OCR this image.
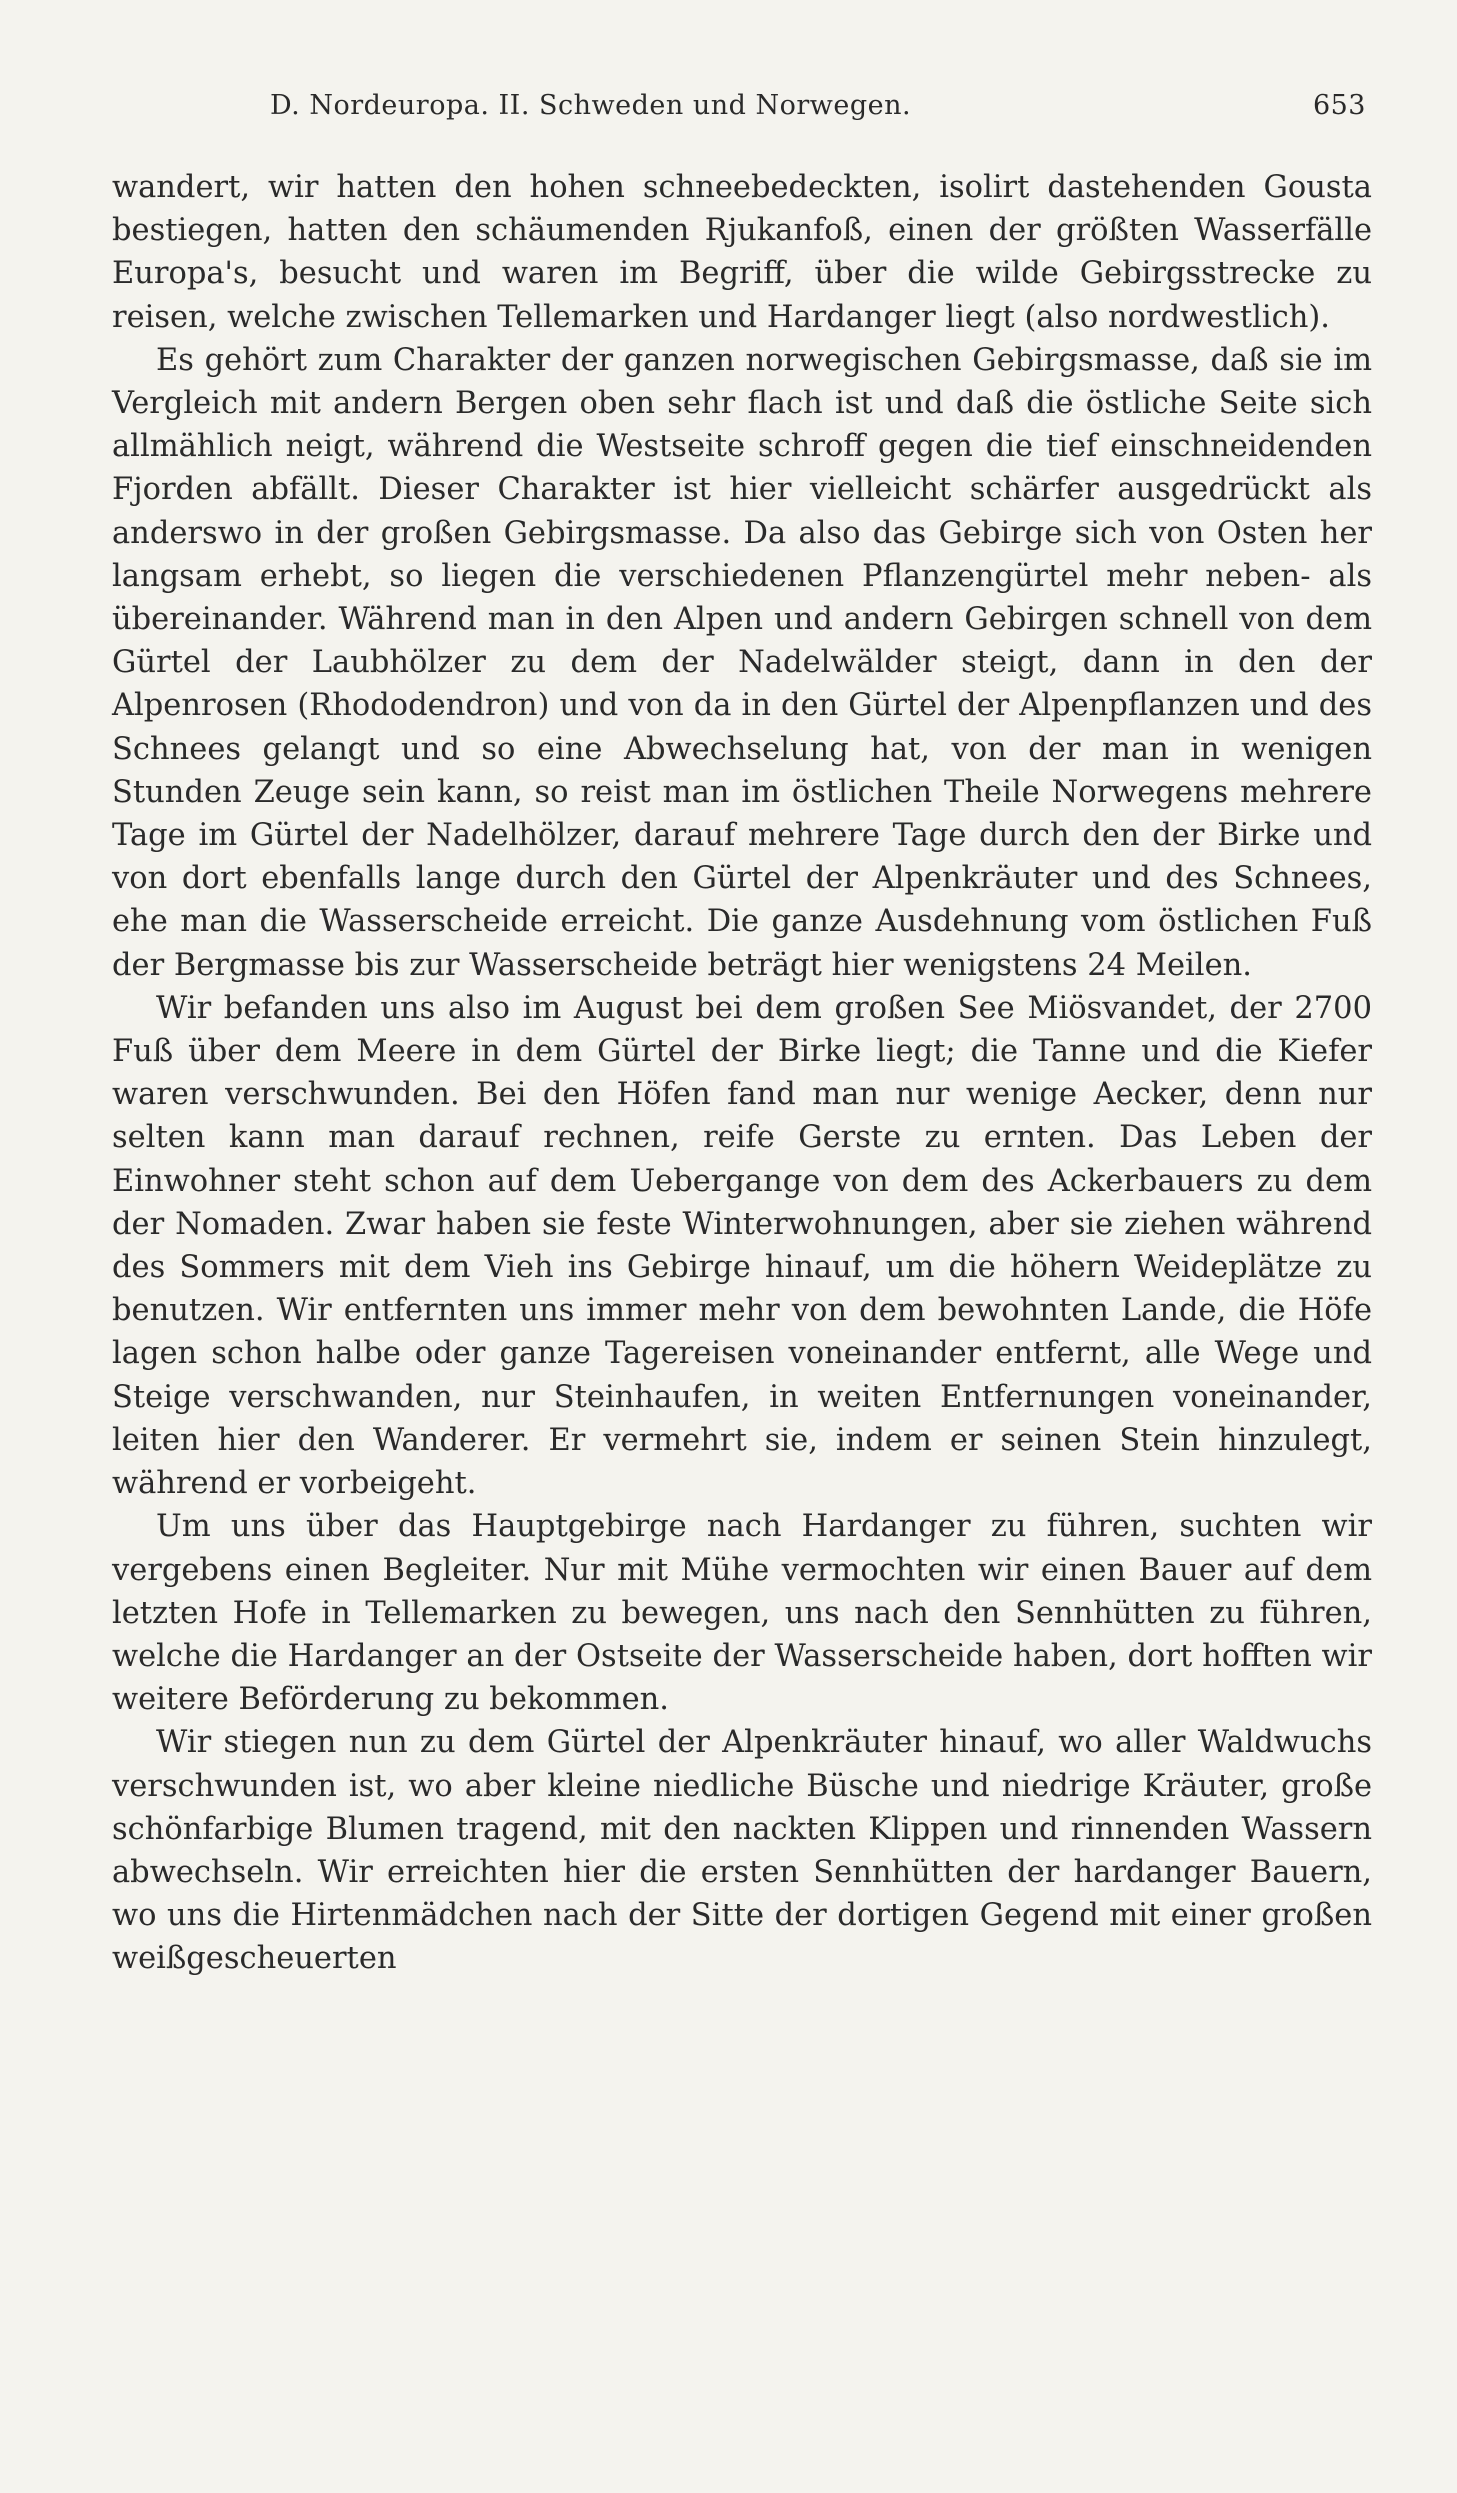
D. Nordeuropa. II. Schweden und Norwegen.	653

wandert, wir hatten den hohen schneebedeckten, isolirt dastehenden Gousta bestiegen, hatten den schäumenden Rjukanfoß, einen der größten Wasserfälle Europa's, besucht und waren im Begriff, über die wilde Gebirgsstrecke zu reisen, welche zwischen Tellemarken und Hardanger liegt (also nordwestlich).

Es gehört zum Charakter der ganzen norwegischen Gebirgsmasse, daß sie im Vergleich mit andern Bergen oben sehr flach ist und daß die östliche Seite sich allmählich neigt, während die Westseite schroff gegen die tief einschneidenden Fjorden abfällt. Dieser Charakter ist hier vielleicht schärfer ausgedrückt als anderswo in der großen Gebirgsmasse. Da also das Gebirge sich von Osten her langsam erhebt, so liegen die verschiedenen Pflanzengürtel mehr neben- als übereinander. Während man in den Alpen und andern Gebirgen schnell von dem Gürtel der Laubhölzer zu dem der Nadelwälder steigt, dann in den der Alpenrosen (Rhododendron) und von da in den Gürtel der Alpenpflanzen und des Schnees gelangt und so eine Abwechselung hat, von der man in wenigen Stunden Zeuge sein kann, so reist man im östlichen Theile Norwegens mehrere Tage im Gürtel der Nadelhölzer, darauf mehrere Tage durch den der Birke und von dort ebenfalls lange durch den Gürtel der Alpenkräuter und des Schnees, ehe man die Wasserscheide erreicht. Die ganze Ausdehnung vom östlichen Fuß der Bergmasse bis zur Wasserscheide beträgt hier wenigstens 24 Meilen.

Wir befanden uns also im August bei dem großen See Miösvandet, der 2700 Fuß über dem Meere in dem Gürtel der Birke liegt; die Tanne und die Kiefer waren verschwunden. Bei den Höfen fand man nur wenige Aecker, denn nur selten kann man darauf rechnen, reife Gerste zu ernten. Das Leben der Einwohner steht schon auf dem Uebergange von dem des Ackerbauers zu dem der Nomaden. Zwar haben sie feste Winterwohnungen, aber sie ziehen während des Sommers mit dem Vieh ins Gebirge hinauf, um die höhern Weideplätze zu benutzen. Wir entfernten uns immer mehr von dem bewohnten Lande, die Höfe lagen schon halbe oder ganze Tagereisen voneinander entfernt, alle Wege und Steige verschwanden, nur Steinhaufen, in weiten Entfernungen voneinander, leiten hier den Wanderer. Er vermehrt sie, indem er seinen Stein hinzulegt, während er vorbeigeht.

Um uns über das Hauptgebirge nach Hardanger zu führen, suchten wir vergebens einen Begleiter. Nur mit Mühe vermochten wir einen Bauer auf dem letzten Hofe in Tellemarken zu bewegen, uns nach den Sennhütten zu führen, welche die Hardanger an der Ostseite der Wasserscheide haben, dort hofften wir weitere Beförderung zu bekommen.

Wir stiegen nun zu dem Gürtel der Alpenkräuter hinauf, wo aller Waldwuchs verschwunden ist, wo aber kleine niedliche Büsche und niedrige Kräuter, große schönfarbige Blumen tragend, mit den nackten Klippen und rinnenden Wassern abwechseln. Wir erreichten hier die ersten Sennhütten der hardanger Bauern, wo uns die Hirtenmädchen nach der Sitte der dortigen Gegend mit einer großen weißgescheuerten
